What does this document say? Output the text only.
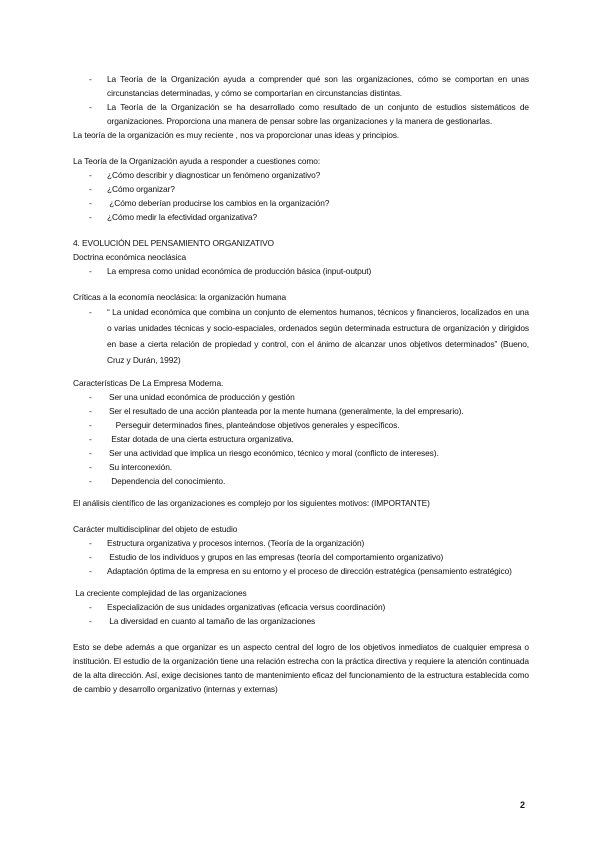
- La Teoría de la Organización ayuda a comprender qué son las organizaciones, cómo se comportan en unas circunstancias determinadas, y cómo se comportarían en circunstancias distintas.
- La Teoría de la Organización se ha desarrollado como resultado de un conjunto de estudios sistemáticos de organizaciones. Proporciona una manera de pensar sobre las organizaciones y la manera de gestionarlas.

La teoría de la organización es muy reciente , nos va proporcionar unas ideas y principios.

La Teoría de la Organización ayuda a responder a cuestiones como:

- ¿Cómo describir y diagnosticar un fenómeno organizativo?
- ¿Cómo organizar?
- ¿Cómo deberían producirse los cambios en la organización?
- ¿Cómo medir la efectividad organizativa?

4. EVOLUCIÓN DEL PENSAMIENTO ORGANIZATIVO

Doctrina económica neoclásica

- La empresa como unidad económica de producción básica (input-output)

Críticas a la economía neoclásica: la organización humana

- “ La unidad económica que combina un conjunto de elementos humanos, técnicos y financieros, localizados en una o varias unidades técnicas y socio-espaciales, ordenados según determinada estructura de organización y dirigidos en base a cierta relación de propiedad y control, con el ánimo de alcanzar unos objetivos determinados” (Bueno, Cruz y Durán, 1992)

Características De La Empresa Moderna.

- Ser una unidad económica de producción y gestión
- Ser el resultado de una acción planteada por la mente humana (generalmente, la del empresario).
- Perseguir determinados fines, planteándose objetivos generales y específicos.
- Estar dotada de una cierta estructura organizativa.
- Ser una actividad que implica un riesgo económico, técnico y moral (conflicto de intereses).
- Su interconexión.
- Dependencia del conocimiento.

El análisis científico de las organizaciones es complejo por los siguientes motivos: (IMPORTANTE)

Carácter multidisciplinar del objeto de estudio

- Estructura organizativa y procesos internos. (Teoría de la organización)
- Estudio de los individuos y grupos en las empresas (teoría del comportamiento organizativo)
- Adaptación óptima de la empresa en su entorno y el proceso de dirección estratégica (pensamiento estratégico)

La creciente complejidad de las organizaciones

- Especialización de sus unidades organizativas (eficacia versus coordinación)
- La diversidad en cuanto al tamaño de las organizaciones

Esto se debe además a que organizar es un aspecto central del logro de los objetivos inmediatos de cualquier empresa o institución. El estudio de la organización tiene una relación estrecha con la práctica directiva y requiere la atención continuada de la alta dirección. Así, exige decisiones tanto de mantenimiento eficaz del funcionamiento de la estructura establecida como de cambio y desarrollo organizativo (internas y externas)

2
